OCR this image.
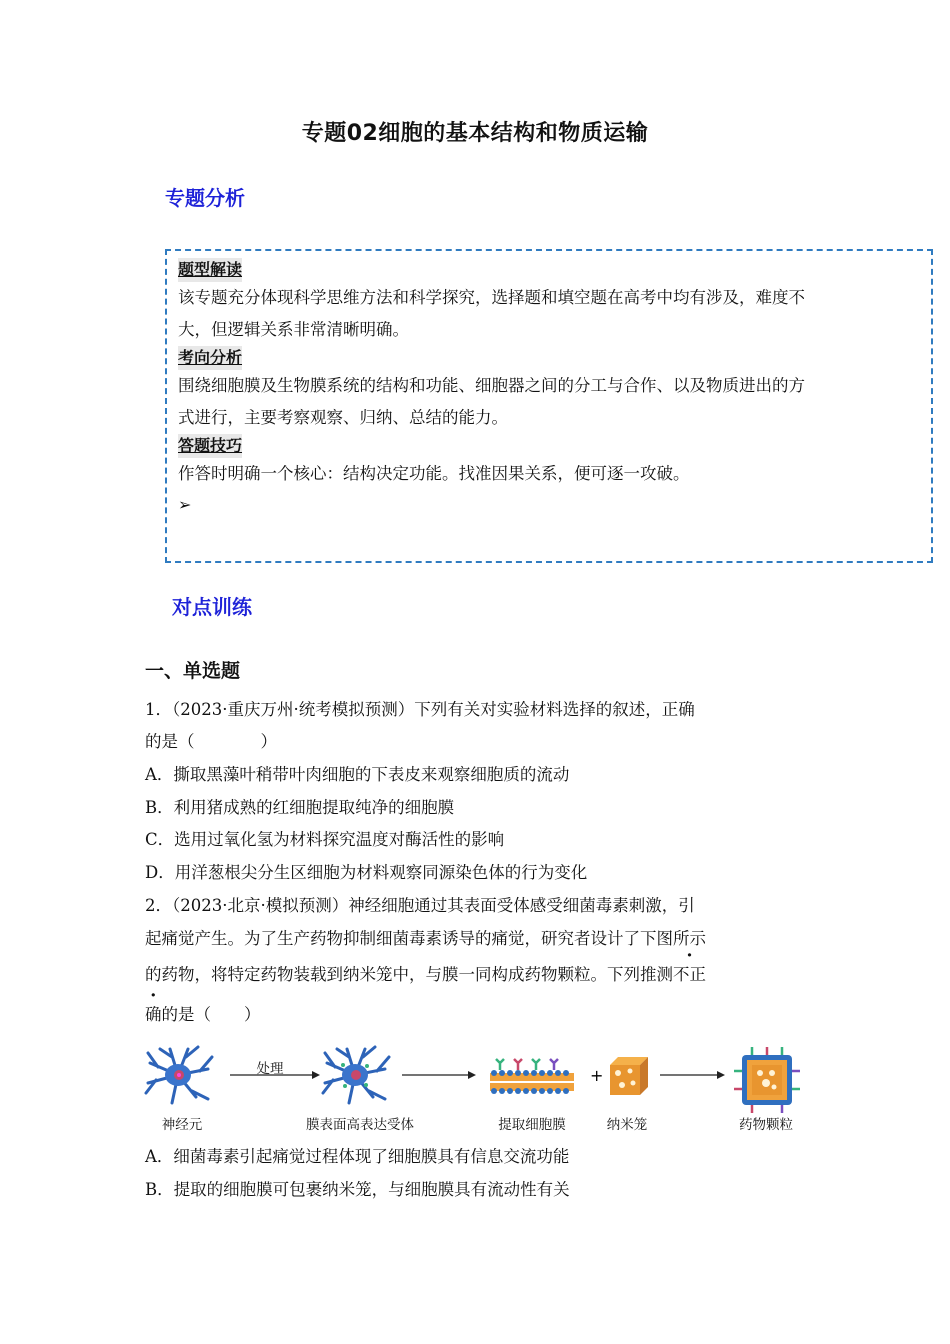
专题02细胞的基本结构和物质运输
专题分析
题型解读

该专题充分体现科学思维方法和科学探究，选择题和填空题在高考中均有涉及，难度不

大，但逻辑关系非常清晰明确。

考向分析

围绕细胞膜及生物膜系统的结构和功能、细胞器之间的分工与合作、以及物质进出的方

式进行，主要考察观察、归纳、总结的能力。

答题技巧

作答时明确一个核心：结构决定功能。找准因果关系，便可逐一攻破。

➢
对点训练
一、单选题
1．（2023·重庆万州·统考模拟预测）下列有关对实验材料选择的叙述，正确
的是（　　　　）
A．撕取黑藻叶稍带叶肉细胞的下表皮来观察细胞质的流动
B．利用猪成熟的红细胞提取纯净的细胞膜
C．选用过氧化氢为材料探究温度对酶活性的影响
D．用洋葱根尖分生区细胞为材料观察同源染色体的行为变化
2．（2023·北京·模拟预测）神经细胞通过其表面受体感受细菌毒素刺激，引
起痛觉产生。为了生产药物抑制细菌毒素诱导的痛觉，研究者设计了下图所示
的药物，将特定药物装载到纳米笼中，与膜一同构成药物颗粒。下列推测不正
确的是（　　）
+
处理
神经元	膜表面高表达受体	提取细胞膜	纳米笼	药物颗粒
A．细菌毒素引起痛觉过程体现了细胞膜具有信息交流功能
B．提取的细胞膜可包裹纳米笼，与细胞膜具有流动性有关
